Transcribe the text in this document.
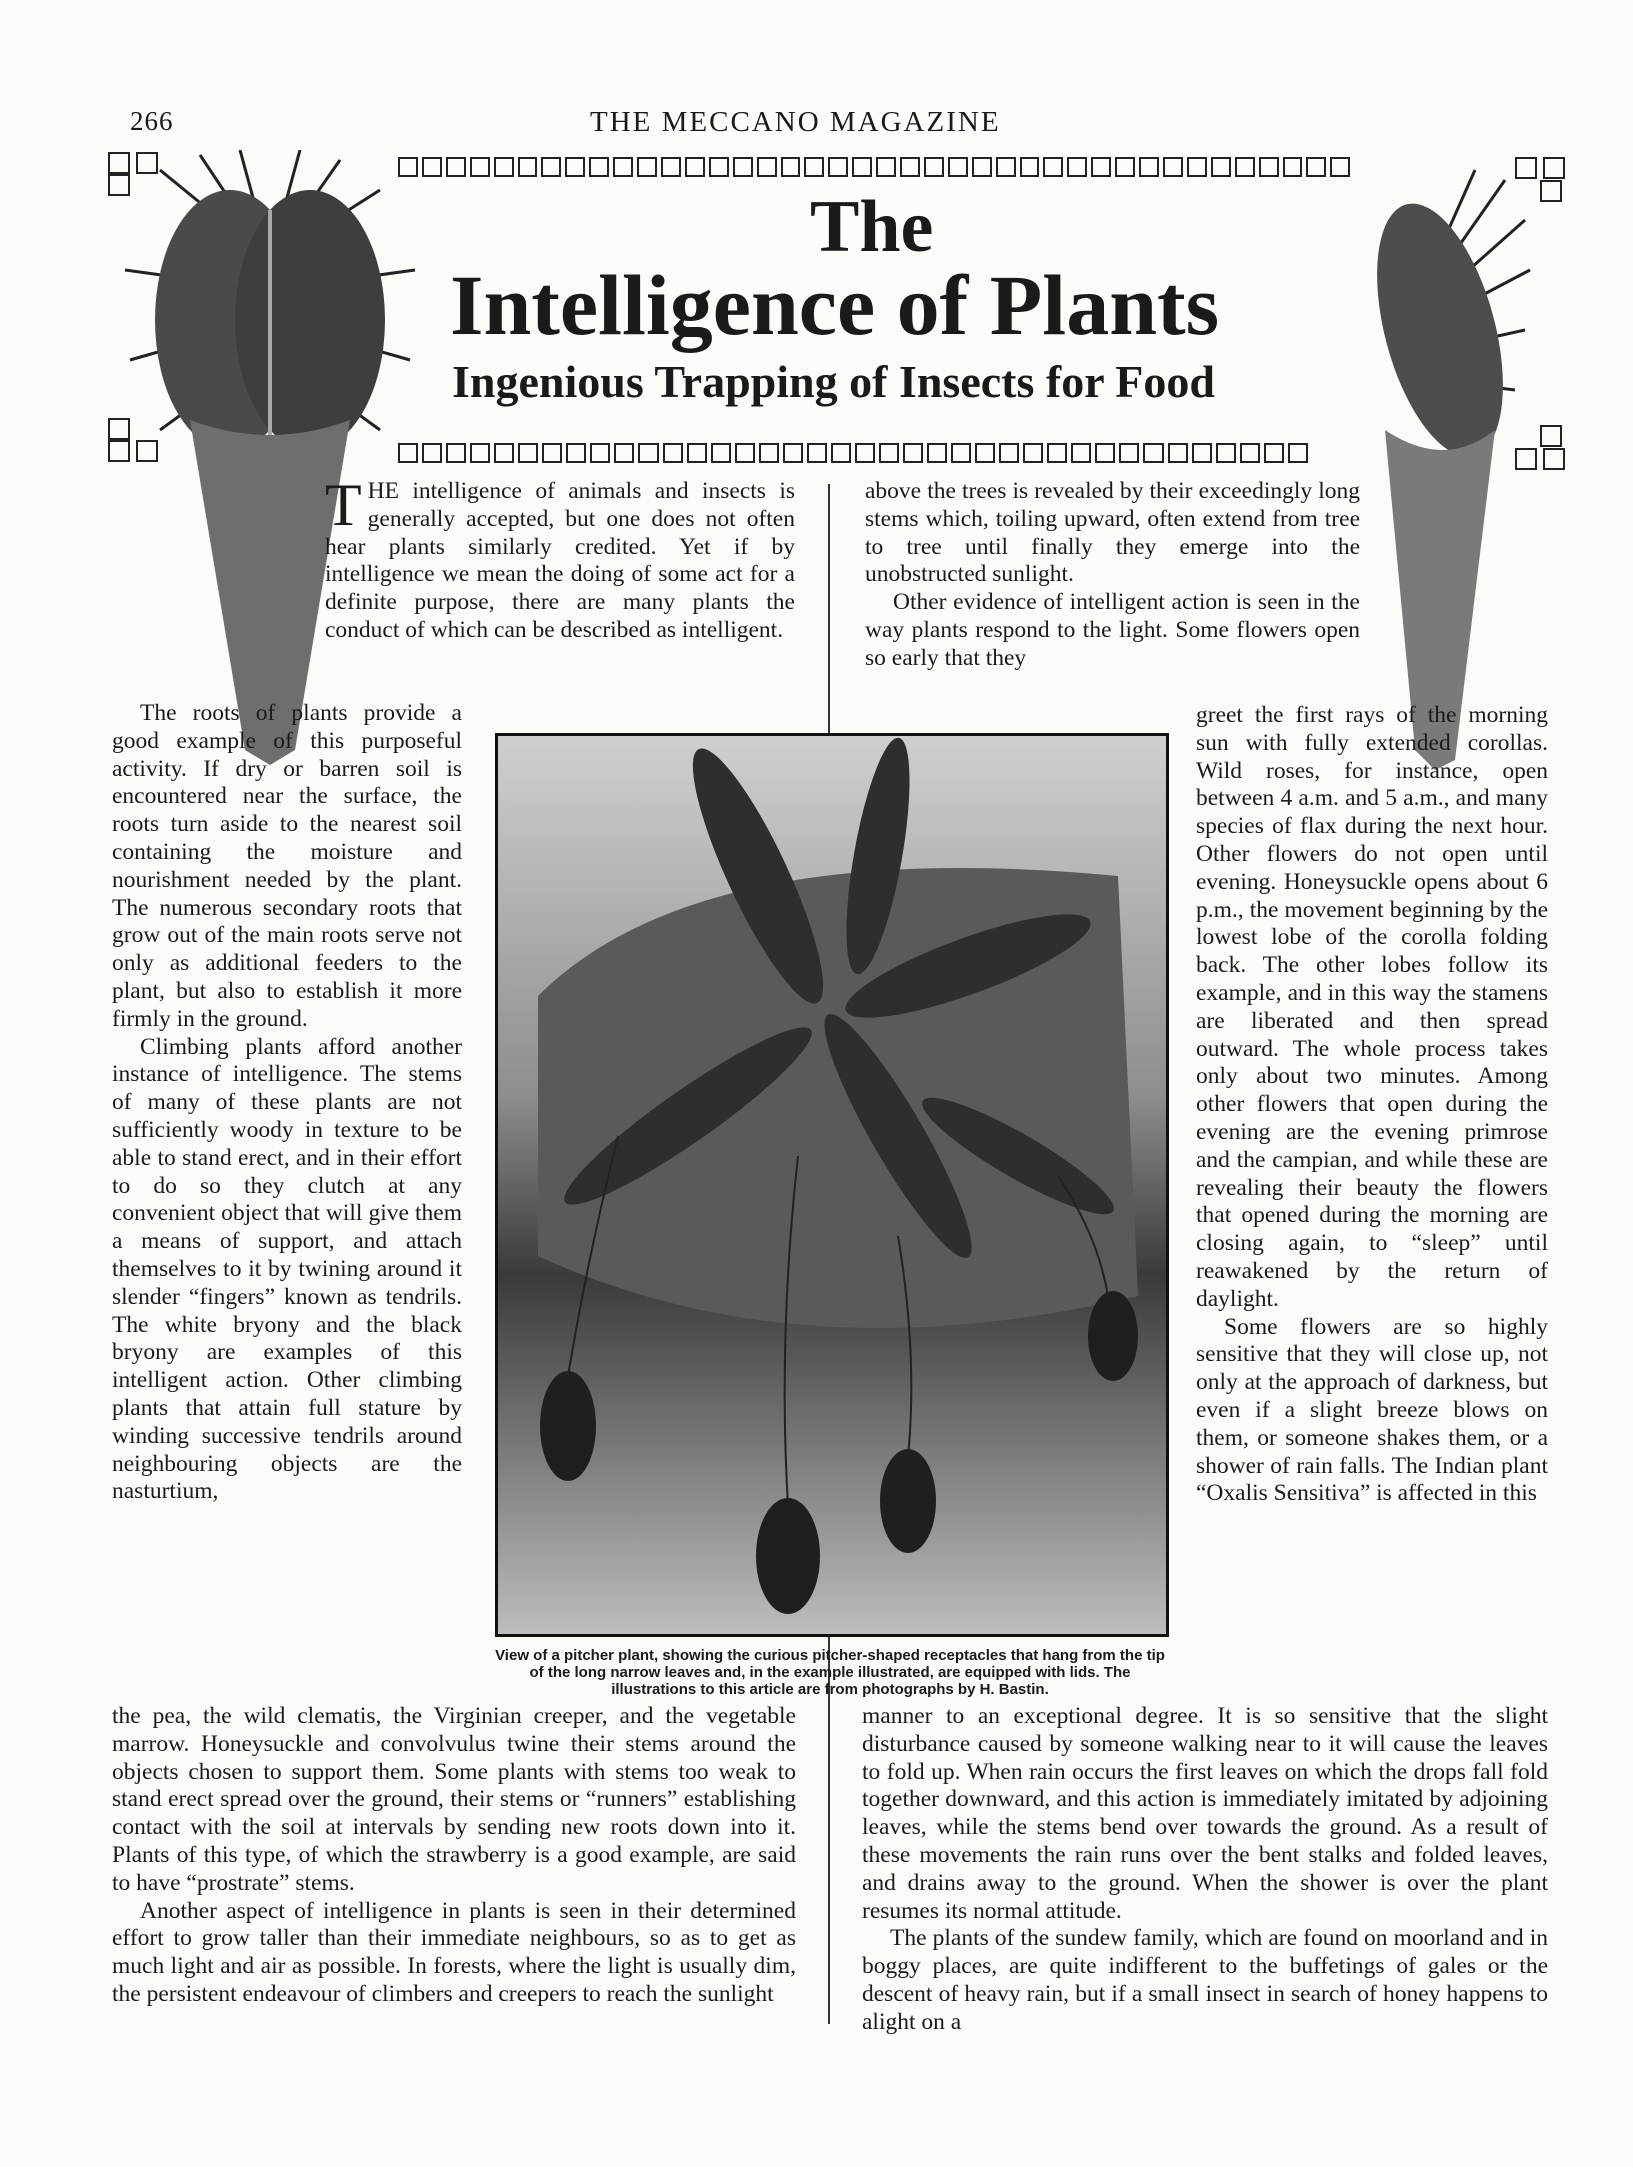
266	THE MECCANO MAGAZINE
The
Intelligence of Plants
Ingenious Trapping of Insects for Food

THE intelligence of animals and insects is generally accepted, but one does not often hear plants similarly credited. Yet if by intelligence we mean the doing of some act for a definite purpose, there are many plants the conduct of which can be described as intelligent.

The roots of plants provide a good example of this purposeful activity. If dry or barren soil is encountered near the surface, the roots turn aside to the nearest soil containing the moisture and nourishment needed by the plant. The numerous secondary roots that grow out of the main roots serve not only as additional feeders to the plant, but also to establish it more firmly in the ground.

Climbing plants afford another instance of intelligence. The stems of many of these plants are not sufficiently woody in texture to be able to stand erect, and in their effort to do so they clutch at any convenient object that will give them a means of support, and attach themselves to it by twining around it slender “fingers” known as tendrils. The white bryony and the black bryony are examples of this intelligent action. Other climbing plants that attain full stature by winding successive tendrils around neighbouring objects are the nasturtium,

the pea, the wild clematis, the Virginian creeper, and the vegetable marrow. Honeysuckle and convolvulus twine their stems around the objects chosen to support them. Some plants with stems too weak to stand erect spread over the ground, their stems or “runners” establishing contact with the soil at intervals by sending new roots down into it. Plants of this type, of which the strawberry is a good example, are said to have “prostrate” stems.

Another aspect of intelligence in plants is seen in their determined effort to grow taller than their immediate neighbours, so as to get as much light and air as possible. In forests, where the light is usually dim, the persistent endeavour of climbers and creepers to reach the sunlight

above the trees is revealed by their exceedingly long stems which, toiling upward, often extend from tree to tree until finally they emerge into the unobstructed sunlight.

Other evidence of intelligent action is seen in the way plants respond to the light. Some flowers open so early that they

greet the first rays of the morning sun with fully extended corollas. Wild roses, for instance, open between 4 a.m. and 5 a.m., and many species of flax during the next hour. Other flowers do not open until evening. Honeysuckle opens about 6 p.m., the movement beginning by the lowest lobe of the corolla folding back. The other lobes follow its example, and in this way the stamens are liberated and then spread outward. The whole process takes only about two minutes. Among other flowers that open during the evening are the evening primrose and the campian, and while these are revealing their beauty the flowers that opened during the morning are closing again, to “sleep” until reawakened by the return of daylight.

Some flowers are so highly sensitive that they will close up, not only at the approach of darkness, but even if a slight breeze blows on them, or someone shakes them, or a shower of rain falls. The Indian plant “Oxalis Sensitiva” is affected in this

manner to an exceptional degree. It is so sensitive that the slight disturbance caused by someone walking near to it will cause the leaves to fold up. When rain occurs the first leaves on which the drops fall fold together downward, and this action is immediately imitated by adjoining leaves, while the stems bend over towards the ground. As a result of these movements the rain runs over the bent stalks and folded leaves, and drains away to the ground. When the shower is over the plant resumes its normal attitude.

The plants of the sundew family, which are found on moorland and in boggy places, are quite indifferent to the buffetings of gales or the descent of heavy rain, but if a small insect in search of honey happens to alight on a

View of a pitcher plant, showing the curious pitcher-shaped receptacles that hang from the tip of the long narrow leaves and, in the example illustrated, are equipped with lids. The illustrations to this article are from photographs by H. Bastin.
